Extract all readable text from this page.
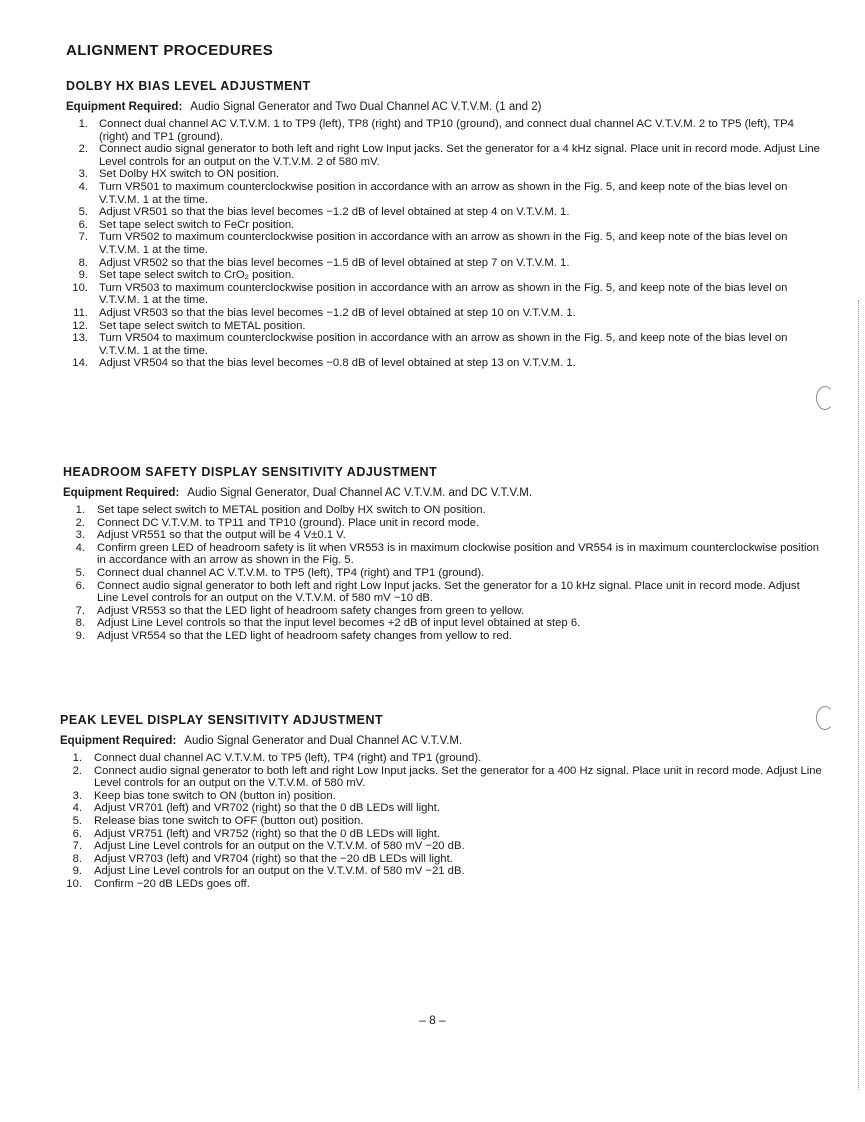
ALIGNMENT PROCEDURES
DOLBY HX BIAS LEVEL ADJUSTMENT

Equipment Required: Audio Signal Generator and Two Dual Channel AC V.T.V.M. (1 and 2)

1. Connect dual channel AC V.T.V.M. 1 to TP9 (left), TP8 (right) and TP10 (ground), and connect dual channel AC V.T.V.M. 2 to TP5 (left), TP4 (right) and TP1 (ground).
2. Connect audio signal generator to both left and right Low Input jacks. Set the generator for a 4 kHz signal. Place unit in record mode. Adjust Line Level controls for an output on the V.T.V.M. 2 of 580 mV.
3. Set Dolby HX switch to ON position.
4. Turn VR501 to maximum counterclockwise position in accordance with an arrow as shown in the Fig. 5, and keep note of the bias level on V.T.V.M. 1 at the time.
5. Adjust VR501 so that the bias level becomes −1.2 dB of level obtained at step 4 on V.T.V.M. 1.
6. Set tape select switch to FeCr position.
7. Turn VR502 to maximum counterclockwise position in accordance with an arrow as shown in the Fig. 5, and keep note of the bias level on V.T.V.M. 1 at the time.
8. Adjust VR502 so that the bias level becomes −1.5 dB of level obtained at step 7 on V.T.V.M. 1.
9. Set tape select switch to CrO₂ position.
10. Turn VR503 to maximum counterclockwise position in accordance with an arrow as shown in the Fig. 5, and keep note of the bias level on V.T.V.M. 1 at the time.
11. Adjust VR503 so that the bias level becomes −1.2 dB of level obtained at step 10 on V.T.V.M. 1.
12. Set tape select switch to METAL position.
13. Turn VR504 to maximum counterclockwise position in accordance with an arrow as shown in the Fig. 5, and keep note of the bias level on V.T.V.M. 1 at the time.
14. Adjust VR504 so that the bias level becomes −0.8 dB of level obtained at step 13 on V.T.V.M. 1.
HEADROOM SAFETY DISPLAY SENSITIVITY ADJUSTMENT

Equipment Required: Audio Signal Generator, Dual Channel AC V.T.V.M. and DC V.T.V.M.

1. Set tape select switch to METAL position and Dolby HX switch to ON position.
2. Connect DC V.T.V.M. to TP11 and TP10 (ground). Place unit in record mode.
3. Adjust VR551 so that the output will be 4 V±0.1 V.
4. Confirm green LED of headroom safety is lit when VR553 is in maximum clockwise position and VR554 is in maximum counterclockwise position in accordance with an arrow as shown in the Fig. 5.
5. Connect dual channel AC V.T.V.M. to TP5 (left), TP4 (right) and TP1 (ground).
6. Connect audio signal generator to both left and right Low Input jacks. Set the generator for a 10 kHz signal. Place unit in record mode. Adjust Line Level controls for an output on the V.T.V.M. of 580 mV −10 dB.
7. Adjust VR553 so that the LED light of headroom safety changes from green to yellow.
8. Adjust Line Level controls so that the input level becomes +2 dB of input level obtained at step 6.
9. Adjust VR554 so that the LED light of headroom safety changes from yellow to red.
PEAK LEVEL DISPLAY SENSITIVITY ADJUSTMENT

Equipment Required: Audio Signal Generator and Dual Channel AC V.T.V.M.

1. Connect dual channel AC V.T.V.M. to TP5 (left), TP4 (right) and TP1 (ground).
2. Connect audio signal generator to both left and right Low Input jacks. Set the generator for a 400 Hz signal. Place unit in record mode. Adjust Line Level controls for an output on the V.T.V.M. of 580 mV.
3. Keep bias tone switch to ON (button in) position.
4. Adjust VR701 (left) and VR702 (right) so that the 0 dB LEDs will light.
5. Release bias tone switch to OFF (button out) position.
6. Adjust VR751 (left) and VR752 (right) so that the 0 dB LEDs will light.
7. Adjust Line Level controls for an output on the V.T.V.M. of 580 mV −20 dB.
8. Adjust VR703 (left) and VR704 (right) so that the −20 dB LEDs will light.
9. Adjust Line Level controls for an output on the V.T.V.M. of 580 mV −21 dB.
10. Confirm −20 dB LEDs goes off.
– 8 –
